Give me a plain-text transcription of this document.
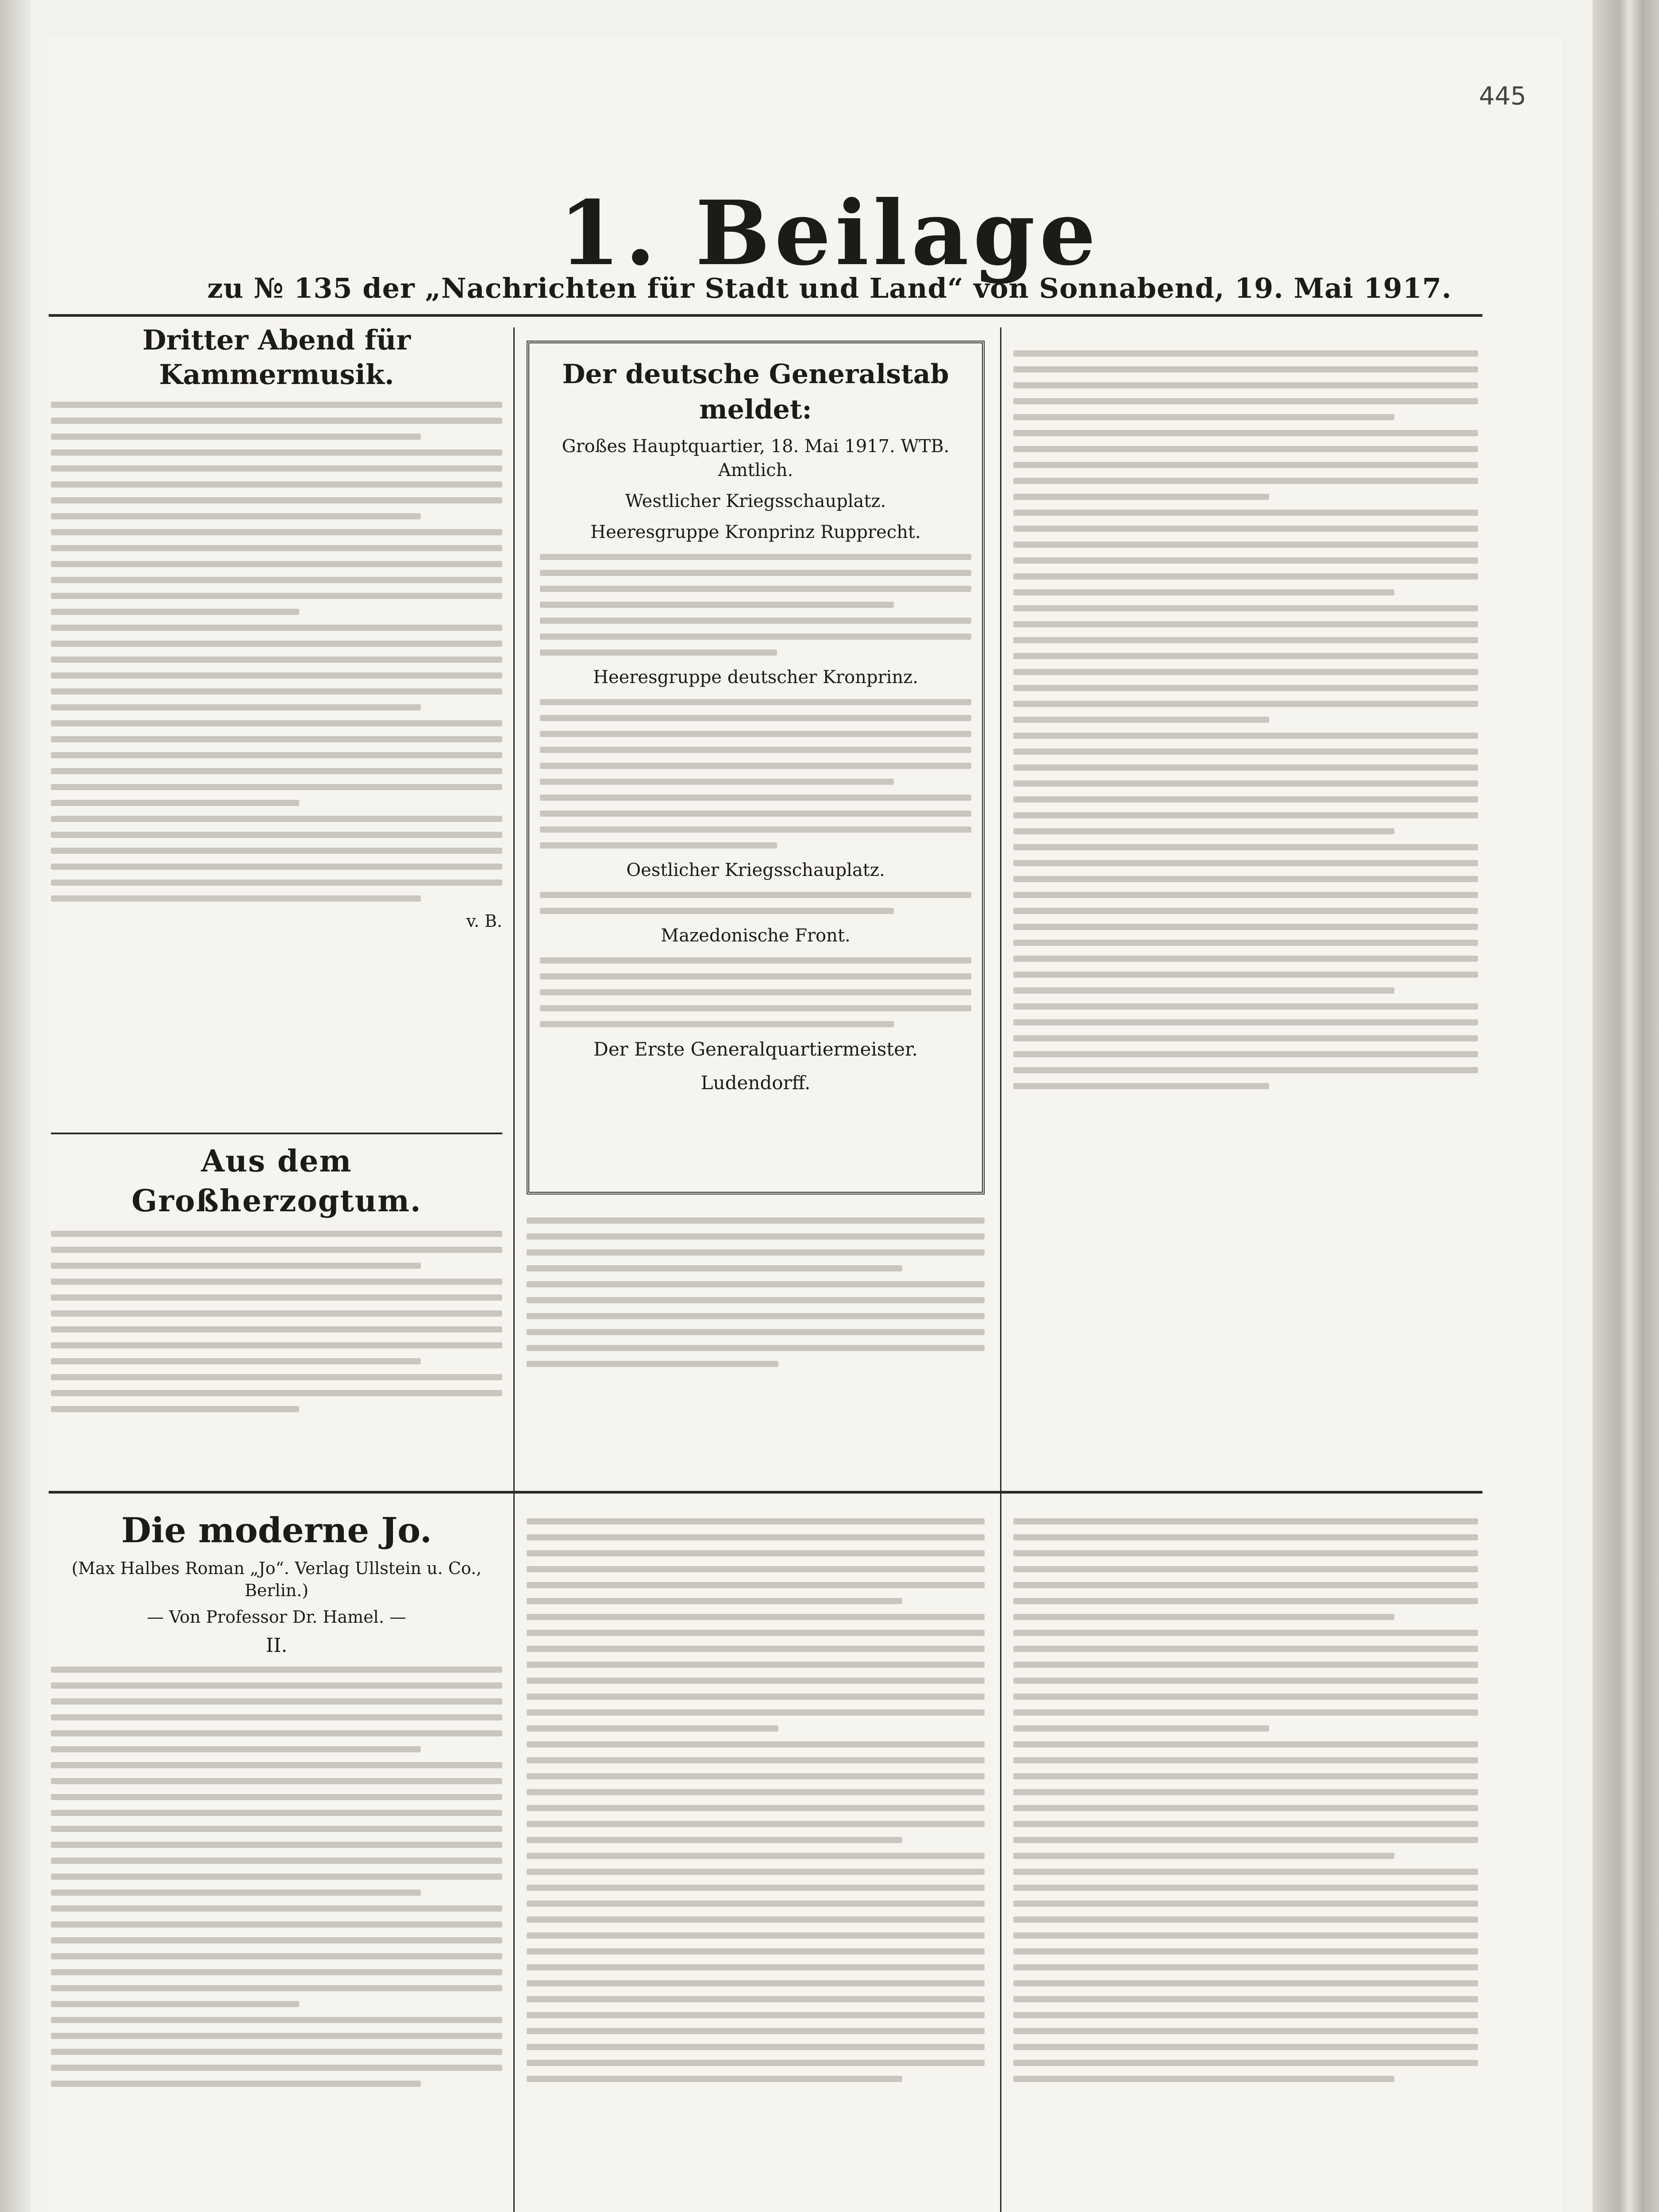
445
1. Beilage
zu № 135 der „Nachrichten für Stadt und Land“ von Sonnabend, 19. Mai 1917.
Dritter Abend für Kammermusik.
v. B.
Aus dem Großherzogtum.
Der deutsche Generalstab meldet:
Großes Hauptquartier, 18. Mai 1917. WTB. Amtlich.
Westlicher Kriegsschauplatz.
Heeresgruppe Kronprinz Rupprecht.
Heeresgruppe deutscher Kronprinz.
Oestlicher Kriegsschauplatz.
Mazedonische Front.
Der Erste Generalquartiermeister.
Ludendorff.
Die moderne Jo.
(Max Halbes Roman „Jo“. Verlag Ullstein u. Co., Berlin.)
— Von Professor Dr. Hamel. —
II.
